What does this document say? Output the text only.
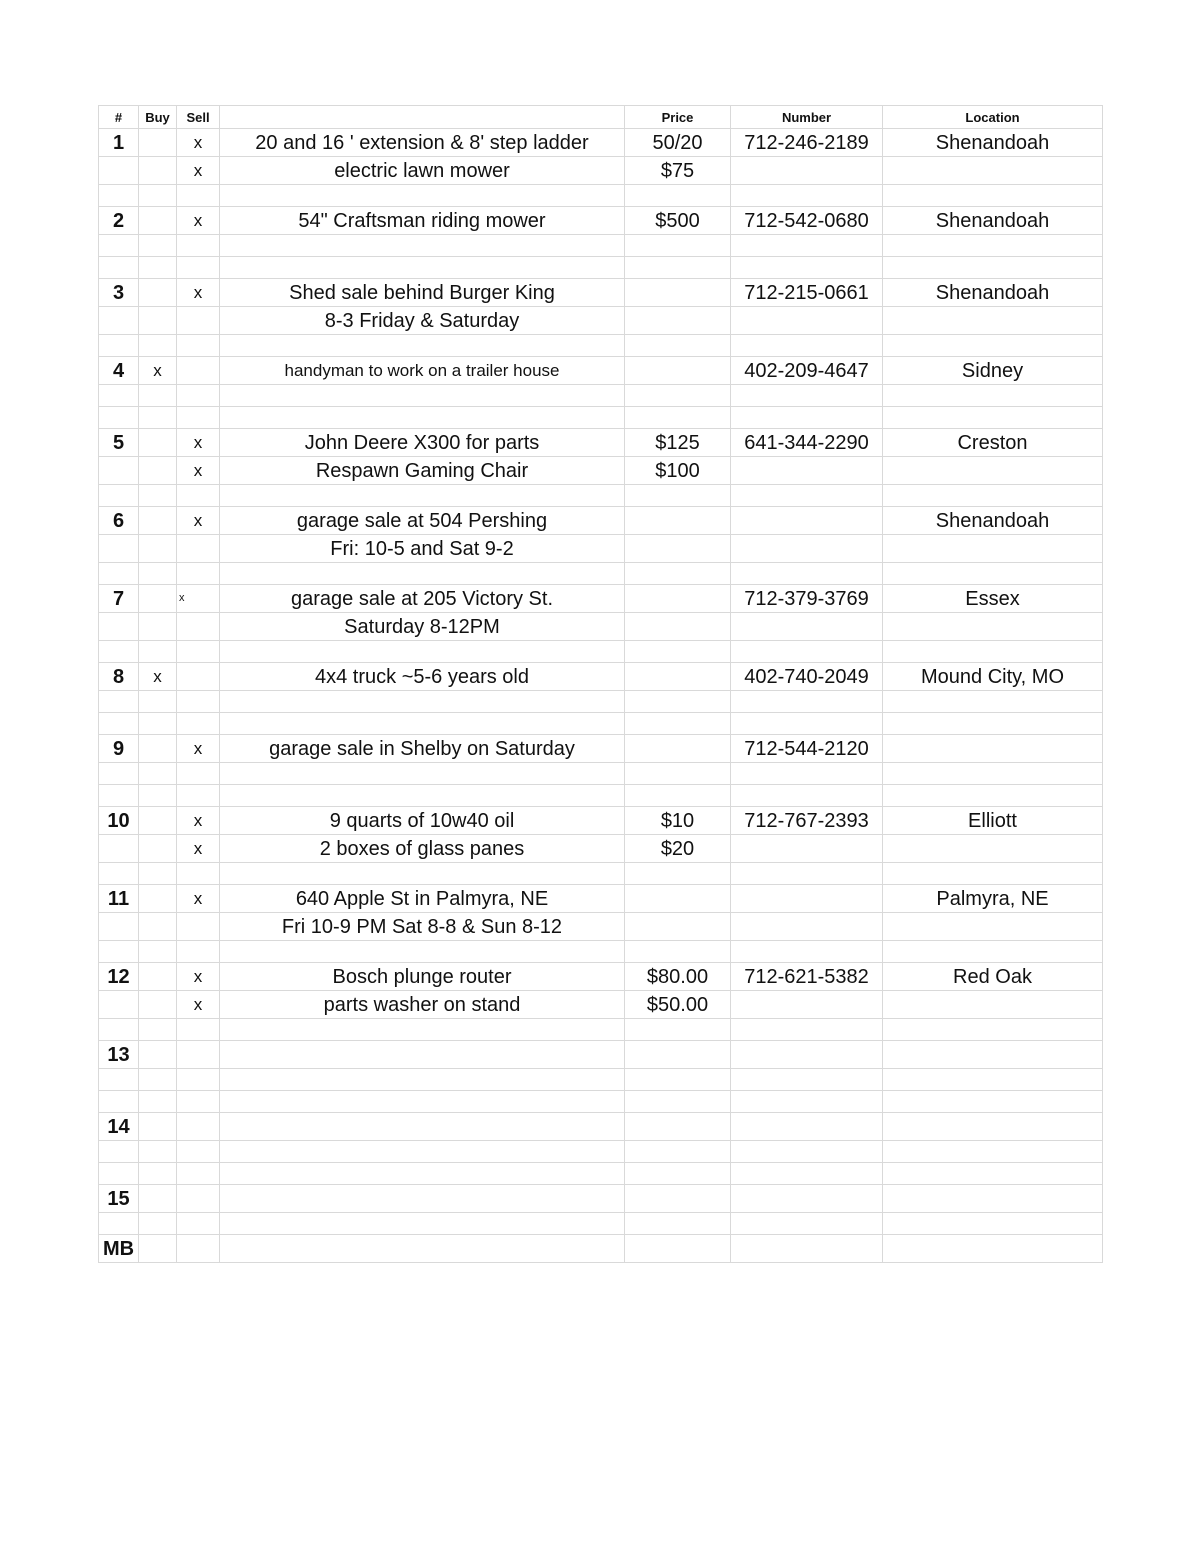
#	Buy	Sell		Price	Number	Location
1		x	20 and 16 ' extension & 8' step ladder	50/20	712-246-2189	Shenandoah
		x	electric lawn mower	$75		

2		x	54" Craftsman riding mower	$500	712-542-0680	Shenandoah

3		x	Shed sale behind Burger King		712-215-0661	Shenandoah
			8-3 Friday & Saturday			

4	x		handyman to work on a trailer house		402-209-4647	Sidney

5		x	John Deere X300 for parts	$125	641-344-2290	Creston
		x	Respawn Gaming Chair	$100		

6		x	garage sale at 504 Pershing			Shenandoah
			Fri: 10-5 and Sat 9-2			

7		x	garage sale at 205 Victory St.		712-379-3769	Essex
			Saturday 8-12PM			

8	x		4x4 truck ~5-6 years old		402-740-2049	Mound City, MO

9		x	garage sale in Shelby on Saturday		712-544-2120	

10		x	9 quarts of 10w40 oil	$10	712-767-2393	Elliott
		x	2 boxes of glass panes	$20		

11		x	640 Apple St in Palmyra, NE			Palmyra, NE
			Fri 10-9 PM Sat 8-8 & Sun 8-12			

12		x	Bosch plunge router	$80.00	712-621-5382	Red Oak
		x	parts washer on stand	$50.00		

13						

14						

15						

MB						
